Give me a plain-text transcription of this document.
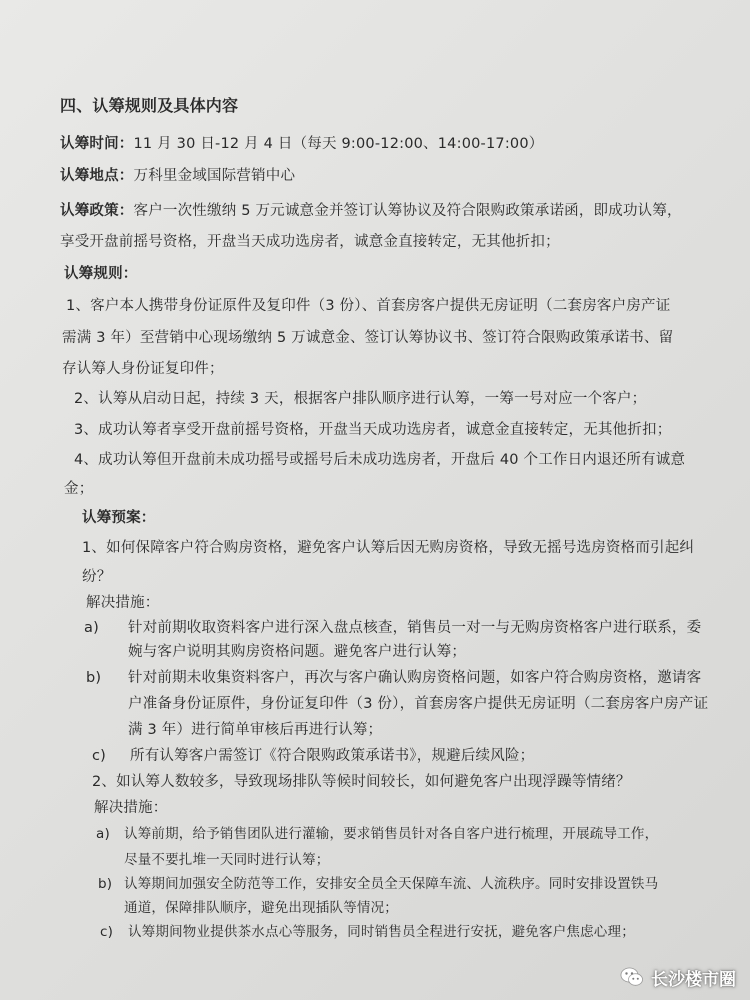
四、认筹规则及具体内容
认筹时间：11 月 30 日-12 月 4 日（每天 9:00-12:00、14:00-17:00）
认筹地点：万科里金域国际营销中心
认筹政策：客户一次性缴纳 5 万元诚意金并签订认筹协议及符合限购政策承诺函，即成功认筹，
享受开盘前摇号资格，开盘当天成功选房者，诚意金直接转定，无其他折扣；
认筹规则：
1、客户本人携带身份证原件及复印件（3 份）、首套房客户提供无房证明（二套房客户房产证
需满 3 年）至营销中心现场缴纳 5 万诚意金、签订认筹协议书、签订符合限购政策承诺书、留
存认筹人身份证复印件；
2、认筹从启动日起，持续 3 天，根据客户排队顺序进行认筹，一筹一号对应一个客户；
3、成功认筹者享受开盘前摇号资格，开盘当天成功选房者，诚意金直接转定，无其他折扣；
4、成功认筹但开盘前未成功摇号或摇号后未成功选房者，开盘后 40 个工作日内退还所有诚意
金；
认筹预案：
1、如何保障客户符合购房资格，避免客户认筹后因无购房资格，导致无摇号选房资格而引起纠
纷？
解决措施：
a) 针对前期收取资料客户进行深入盘点核查，销售员一对一与无购房资格客户进行联系，委
婉与客户说明其购房资格问题。避免客户进行认筹；
b) 针对前期未收集资料客户，再次与客户确认购房资格问题，如客户符合购房资格，邀请客
户准备身份证原件，身份证复印件（3 份），首套房客户提供无房证明（二套房客户房产证
满 3 年）进行简单审核后再进行认筹；
c) 所有认筹客户需签订《符合限购政策承诺书》，规避后续风险；
2、如认筹人数较多，导致现场排队等候时间较长，如何避免客户出现浮躁等情绪？
解决措施：
a) 认筹前期，给予销售团队进行灌输，要求销售员针对各自客户进行梳理，开展疏导工作，
尽量不要扎堆一天同时进行认筹；
b) 认筹期间加强安全防范等工作，安排安全员全天保障车流、人流秩序。同时安排设置铁马
通道，保障排队顺序，避免出现插队等情况；
c) 认筹期间物业提供茶水点心等服务，同时销售员全程进行安抚，避免客户焦虑心理；
长沙楼市圈
